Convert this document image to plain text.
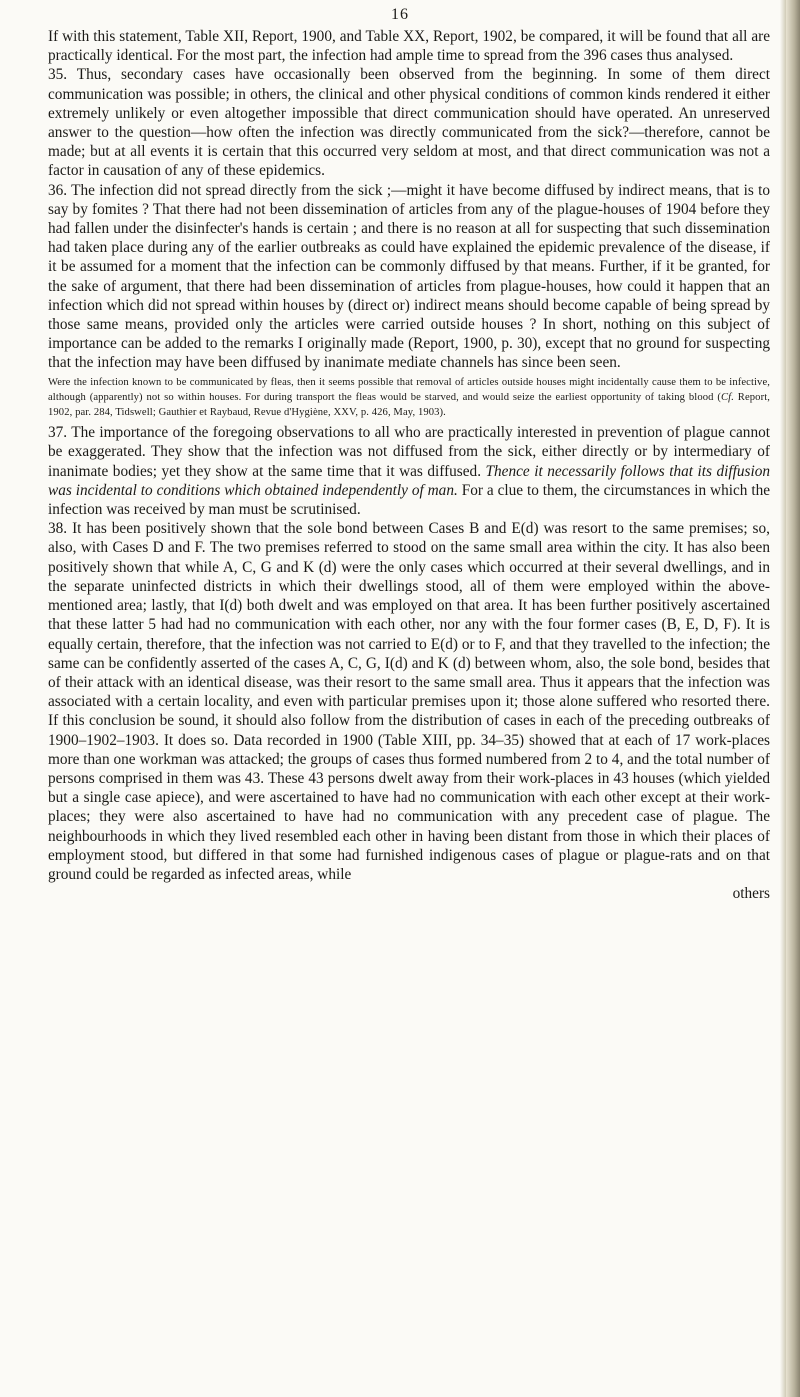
16

If with this statement, Table XII, Report, 1900, and Table XX, Report, 1902, be compared, it will be found that all are practically identical. For the most part, the infection had ample time to spread from the 396 cases thus analysed.

35. Thus, secondary cases have occasionally been observed from the beginning. In some of them direct communication was possible; in others, the clinical and other physical conditions of common kinds rendered it either extremely unlikely or even altogether impossible that direct communication should have operated. An unreserved answer to the question—how often the infection was directly communicated from the sick?—therefore, cannot be made; but at all events it is certain that this occurred very seldom at most, and that direct communication was not a factor in causation of any of these epidemics.

36. The infection did not spread directly from the sick ;—might it have become diffused by indirect means, that is to say by fomites ? That there had not been dissemination of articles from any of the plague-houses of 1904 before they had fallen under the disinfecter's hands is certain ; and there is no reason at all for suspecting that such dissemination had taken place during any of the earlier outbreaks as could have explained the epidemic prevalence of the disease, if it be assumed for a moment that the infection can be commonly diffused by that means. Further, if it be granted, for the sake of argument, that there had been dissemination of articles from plague-houses, how could it happen that an infection which did not spread within houses by (direct or) indirect means should become capable of being spread by those same means, provided only the articles were carried outside houses ? In short, nothing on this subject of importance can be added to the remarks I originally made (Report, 1900, p. 30), except that no ground for suspecting that the infection may have been diffused by inanimate mediate channels has since been seen.

Were the infection known to be communicated by fleas, then it seems possible that removal of articles outside houses might incidentally cause them to be infective, although (apparently) not so within houses. For during transport the fleas would be starved, and would seize the earliest opportunity of taking blood (Cf. Report, 1902, par. 284, Tidswell; Gauthier et Raybaud, Revue d'Hygiène, XXV, p. 426, May, 1903).

37. The importance of the foregoing observations to all who are practically interested in prevention of plague cannot be exaggerated. They show that the infection was not diffused from the sick, either directly or by intermediary of inanimate bodies; yet they show at the same time that it was diffused. Thence it necessarily follows that its diffusion was incidental to conditions which obtained independently of man. For a clue to them, the circumstances in which the infection was received by man must be scrutinised.

38. It has been positively shown that the sole bond between Cases B and E(d) was resort to the same premises; so, also, with Cases D and F. The two premises referred to stood on the same small area within the city. It has also been positively shown that while A, C, G and K (d) were the only cases which occurred at their several dwellings, and in the separate uninfected districts in which their dwellings stood, all of them were employed within the above-mentioned area; lastly, that I(d) both dwelt and was employed on that area. It has been further positively ascertained that these latter 5 had had no communication with each other, nor any with the four former cases (B, E, D, F). It is equally certain, therefore, that the infection was not carried to E(d) or to F, and that they travelled to the infection; the same can be confidently asserted of the cases A, C, G, I(d) and K (d) between whom, also, the sole bond, besides that of their attack with an identical disease, was their resort to the same small area. Thus it appears that the infection was associated with a certain locality, and even with particular premises upon it; those alone suffered who resorted there. If this conclusion be sound, it should also follow from the distribution of cases in each of the preceding outbreaks of 1900–1902–1903. It does so. Data recorded in 1900 (Table XIII, pp. 34–35) showed that at each of 17 work-places more than one workman was attacked; the groups of cases thus formed numbered from 2 to 4, and the total number of persons comprised in them was 43. These 43 persons dwelt away from their work-places in 43 houses (which yielded but a single case apiece), and were ascertained to have had no communication with each other except at their work-places; they were also ascertained to have had no communication with any precedent case of plague. The neighbourhoods in which they lived resembled each other in having been distant from those in which their places of employment stood, but differed in that some had furnished indigenous cases of plague or plague-rats and on that ground could be regarded as infected areas, while

others
